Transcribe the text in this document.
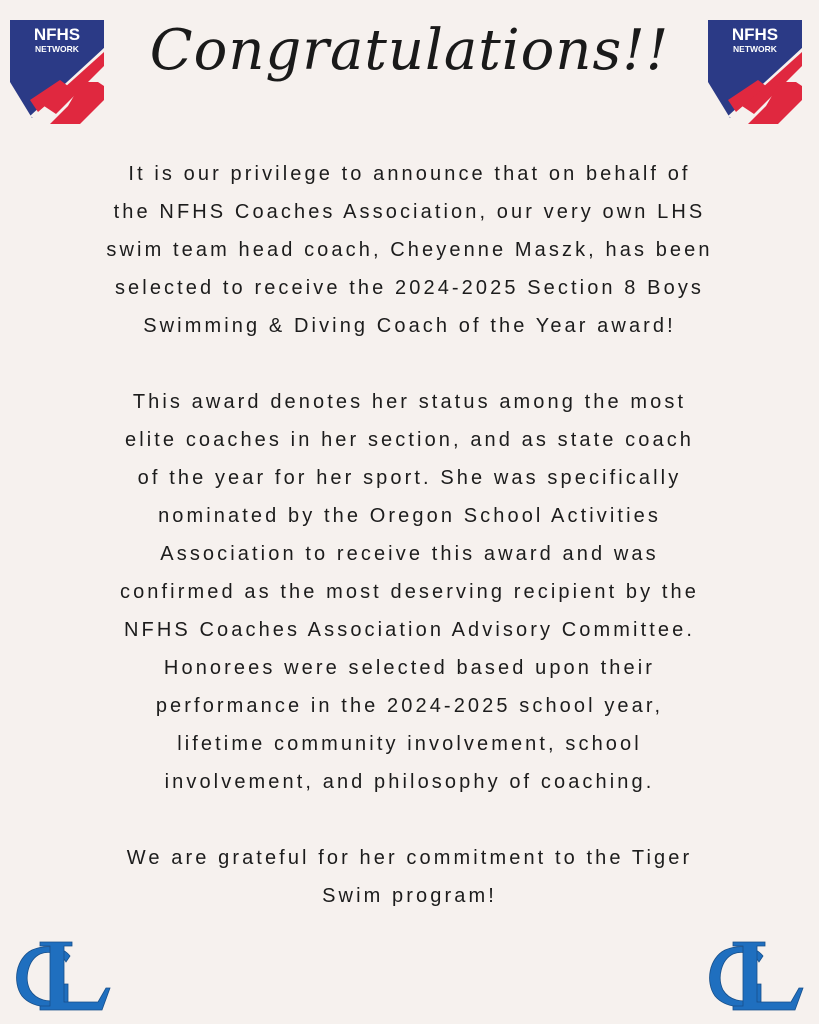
NFHS
NETWORK
NFHS
NETWORK
Congratulations!!
It is our privilege to announce that on behalf of
the NFHS Coaches Association, our very own LHS
swim team head coach, Cheyenne Maszk, has been
selected to receive the 2024-2025 Section 8 Boys
Swimming & Diving Coach of the Year award!
This award denotes her status among the most
elite coaches in her section, and as state coach
of the year for her sport. She was specifically
nominated by the Oregon School Activities
Association to receive this award and was
confirmed as the most deserving recipient by the
NFHS Coaches Association Advisory Committee.
Honorees were selected based upon their
performance in the 2024-2025 school year,
lifetime community involvement, school
involvement, and philosophy of coaching.
We are grateful for her commitment to the Tiger
Swim program!
